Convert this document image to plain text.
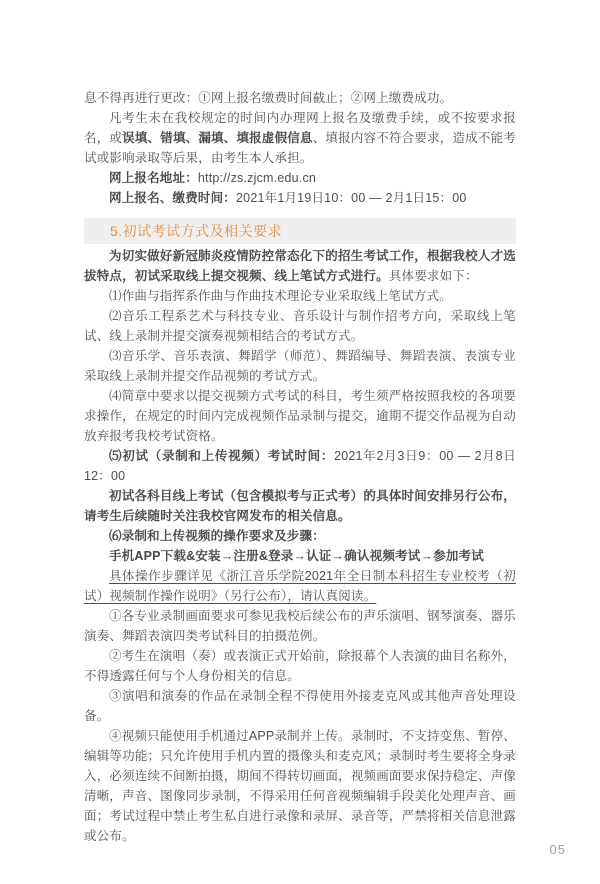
息不得再进行更改：①网上报名缴费时间截止；②网上缴费成功。

凡考生未在我校规定的时间内办理网上报名及缴费手续，或不按要求报名，或误填、错填、漏填、填报虚假信息、填报内容不符合要求，造成不能考试或影响录取等后果，由考生本人承担。

网上报名地址：http://zs.zjcm.edu.cn

网上报名、缴费时间：2021年1月19日10：00 — 2月1日15：00

5.初试考试方式及相关要求

为切实做好新冠肺炎疫情防控常态化下的招生考试工作，根据我校人才选拔特点，初试采取线上提交视频、线上笔试方式进行。具体要求如下：

⑴作曲与指挥系作曲与作曲技术理论专业采取线上笔试方式。

⑵音乐工程系艺术与科技专业、音乐设计与制作招考方向，采取线上笔试、线上录制并提交演奏视频相结合的考试方式。

⑶音乐学、音乐表演、舞蹈学（师范）、舞蹈编导、舞蹈表演、表演专业采取线上录制并提交作品视频的考试方式。

⑷简章中要求以提交视频方式考试的科目，考生须严格按照我校的各项要求操作，在规定的时间内完成视频作品录制与提交，逾期不提交作品视为自动放弃报考我校考试资格。

⑸初试（录制和上传视频）考试时间：2021年2月3日9：00 — 2月8日12：00

初试各科目线上考试（包含模拟考与正式考）的具体时间安排另行公布，请考生后续随时关注我校官网发布的相关信息。

⑹录制和上传视频的操作要求及步骤：

手机APP下载&安装→注册&登录→认证→确认视频考试→参加考试

具体操作步骤详见《浙江音乐学院2021年全日制本科招生专业校考（初试）视频制作操作说明》（另行公布），请认真阅读。

①各专业录制画面要求可参见我校后续公布的声乐演唱、钢琴演奏、器乐演奏、舞蹈表演四类考试科目的拍摄范例。

②考生在演唱（奏）或表演正式开始前，除报幕个人表演的曲目名称外，不得透露任何与个人身份相关的信息。

③演唱和演奏的作品在录制全程不得使用外接麦克风或其他声音处理设备。

④视频只能使用手机通过APP录制并上传。录制时，不支持变焦、暂停、编辑等功能；只允许使用手机内置的摄像头和麦克风；录制时考生要将全身录入，必须连续不间断拍摄，期间不得转切画面，视频画面要求保持稳定、声像清晰，声音、图像同步录制，不得采用任何音视频编辑手段美化处理声音、画面；考试过程中禁止考生私自进行录像和录屏、录音等，严禁将相关信息泄露或公布。

05
